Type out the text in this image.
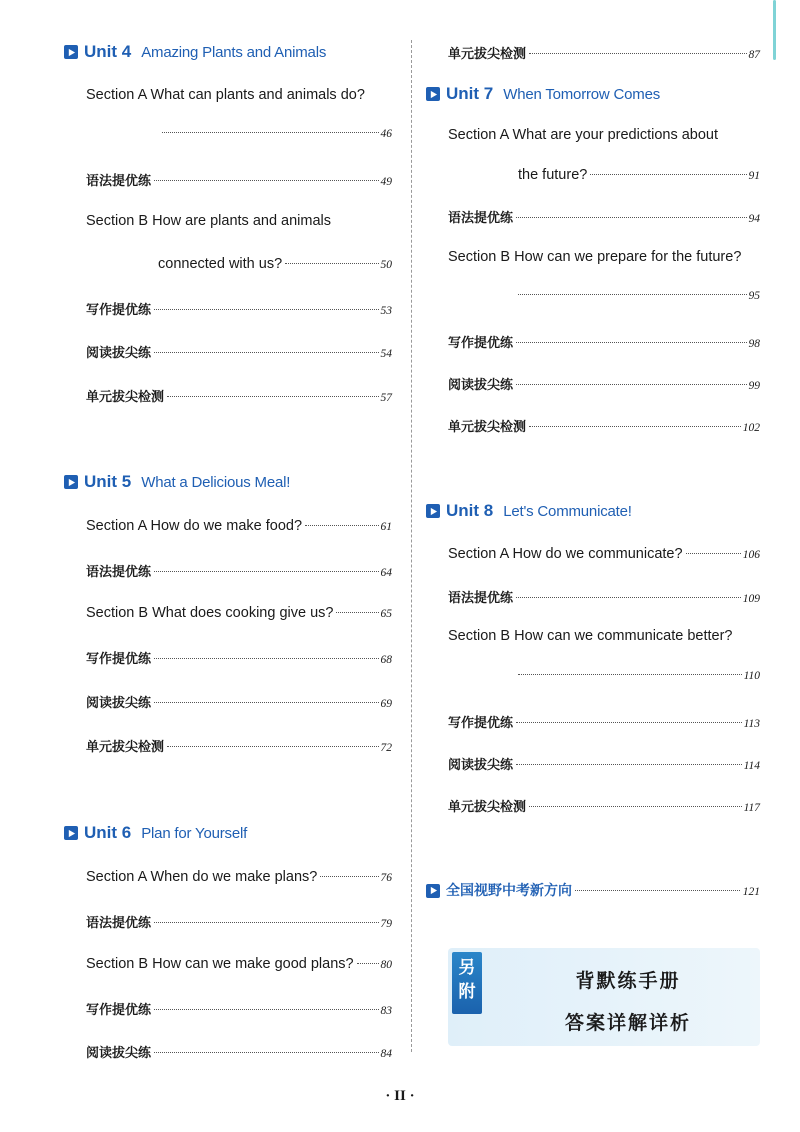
Unit 4 Amazing Plants and Animals
Section A What can plants and animals do?
46
语法提优练	49
Section B How are plants and animals
connected with us?	50
写作提优练	53
阅读拔尖练	54
单元拔尖检测	57
Unit 5 What a Delicious Meal!
Section A How do we make food?	61
语法提优练	64
Section B What does cooking give us?	65
写作提优练	68
阅读拔尖练	69
单元拔尖检测	72
Unit 6 Plan for Yourself
Section A When do we make plans?	76
语法提优练	79
Section B How can we make good plans? 80
写作提优练	83
阅读拔尖练	84
单元拔尖检测	87
Unit 7 When Tomorrow Comes
Section A What are your predictions about
the future?	91
语法提优练	94
Section B How can we prepare for the future?
95
写作提优练	98
阅读拔尖练	99
单元拔尖检测	102
Unit 8 Let's Communicate!
Section A How do we communicate?	106
语法提优练	109
Section B How can we communicate better?
110
写作提优练	113
阅读拔尖练	114
单元拔尖检测	117
全国视野中考新方向	121
另附	背默练手册
答案详解详析
· II ·
